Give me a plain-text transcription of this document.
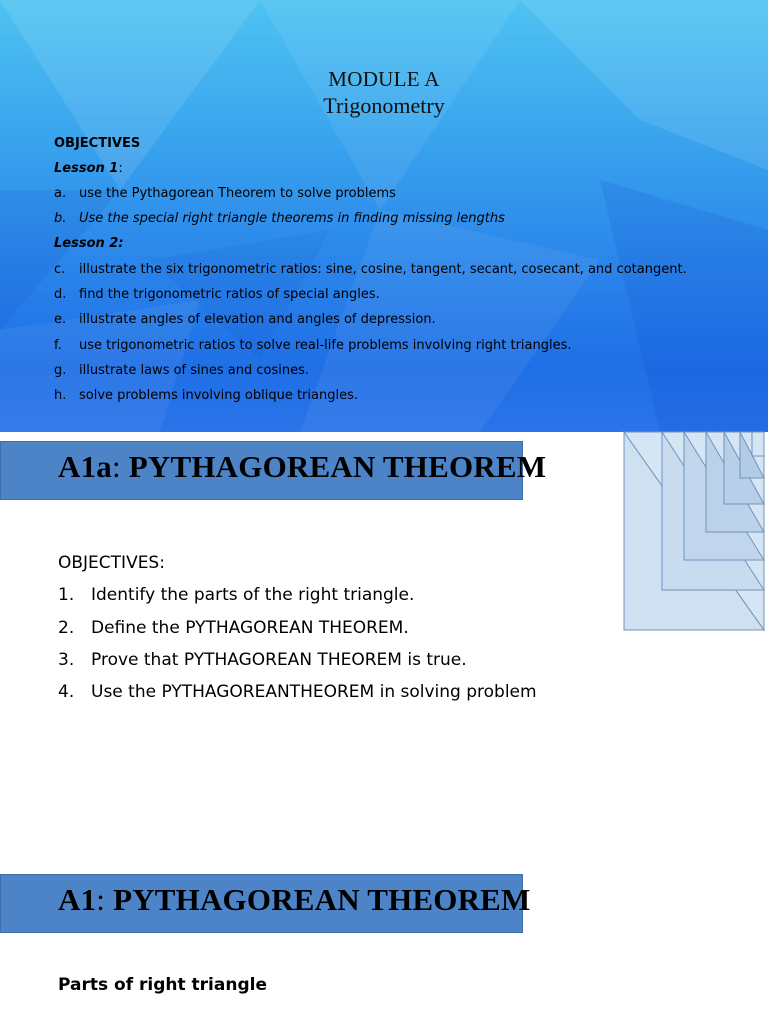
MODULE A
Trigonometry
OBJECTIVES
Lesson 1:
a. use the Pythagorean Theorem to solve problems
b. Use the special right triangle theorems in finding missing lengths
Lesson 2:
c.	illustrate the six trigonometric ratios: sine, cosine, tangent, secant, cosecant, and cotangent.
d. find the trigonometric ratios of special angles.
e. illustrate angles of elevation and angles of depression.
f.	use trigonometric ratios to solve real-life problems involving right triangles.
g. illustrate laws of sines and cosines.
h. solve problems involving oblique triangles.
A1a: PYTHAGOREAN THEOREM
OBJECTIVES:
1. Identify the parts of the right triangle.
2. Define the PYTHAGOREAN THEOREM.
3. Prove that PYTHAGOREAN THEOREM is true.
4. Use the PYTHAGOREANTHEOREM in solving problem
A1: PYTHAGOREAN THEOREM
Parts of right triangle
